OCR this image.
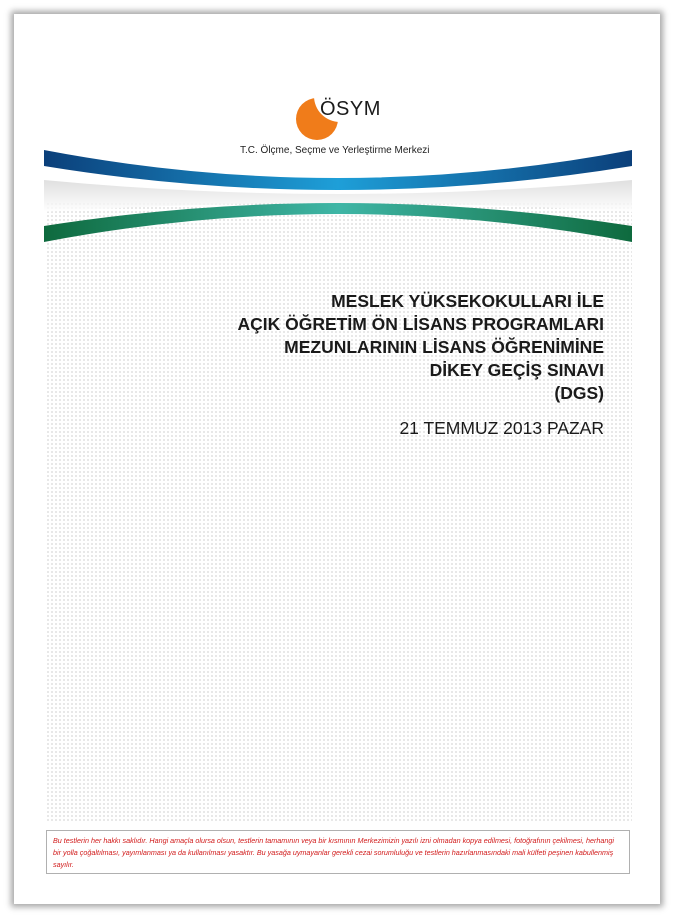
ÖSYM
T.C. Ölçme, Seçme ve Yerleştirme Merkezi
MESLEK YÜKSEKOKULLARI İLE
AÇIK ÖĞRETİM ÖN LİSANS PROGRAMLARI
MEZUNLARININ LİSANS ÖĞRENİMİNE
DİKEY GEÇİŞ SINAVI
(DGS)
21 TEMMUZ 2013 PAZAR
Bu testlerin her hakkı saklıdır. Hangi amaçla olursa olsun, testlerin tamamının veya bir kısmının Merkezimizin yazılı izni olmadan kopya edilmesi, fotoğrafının çekilmesi, herhangi bir yolla çoğaltılması, yayımlanması ya da kullanılması yasaktır. Bu yasağa uymayanlar gerekli cezai sorumluluğu ve testlerin hazırlanmasındaki mali külfeti peşinen kabullenmiş sayılır.
